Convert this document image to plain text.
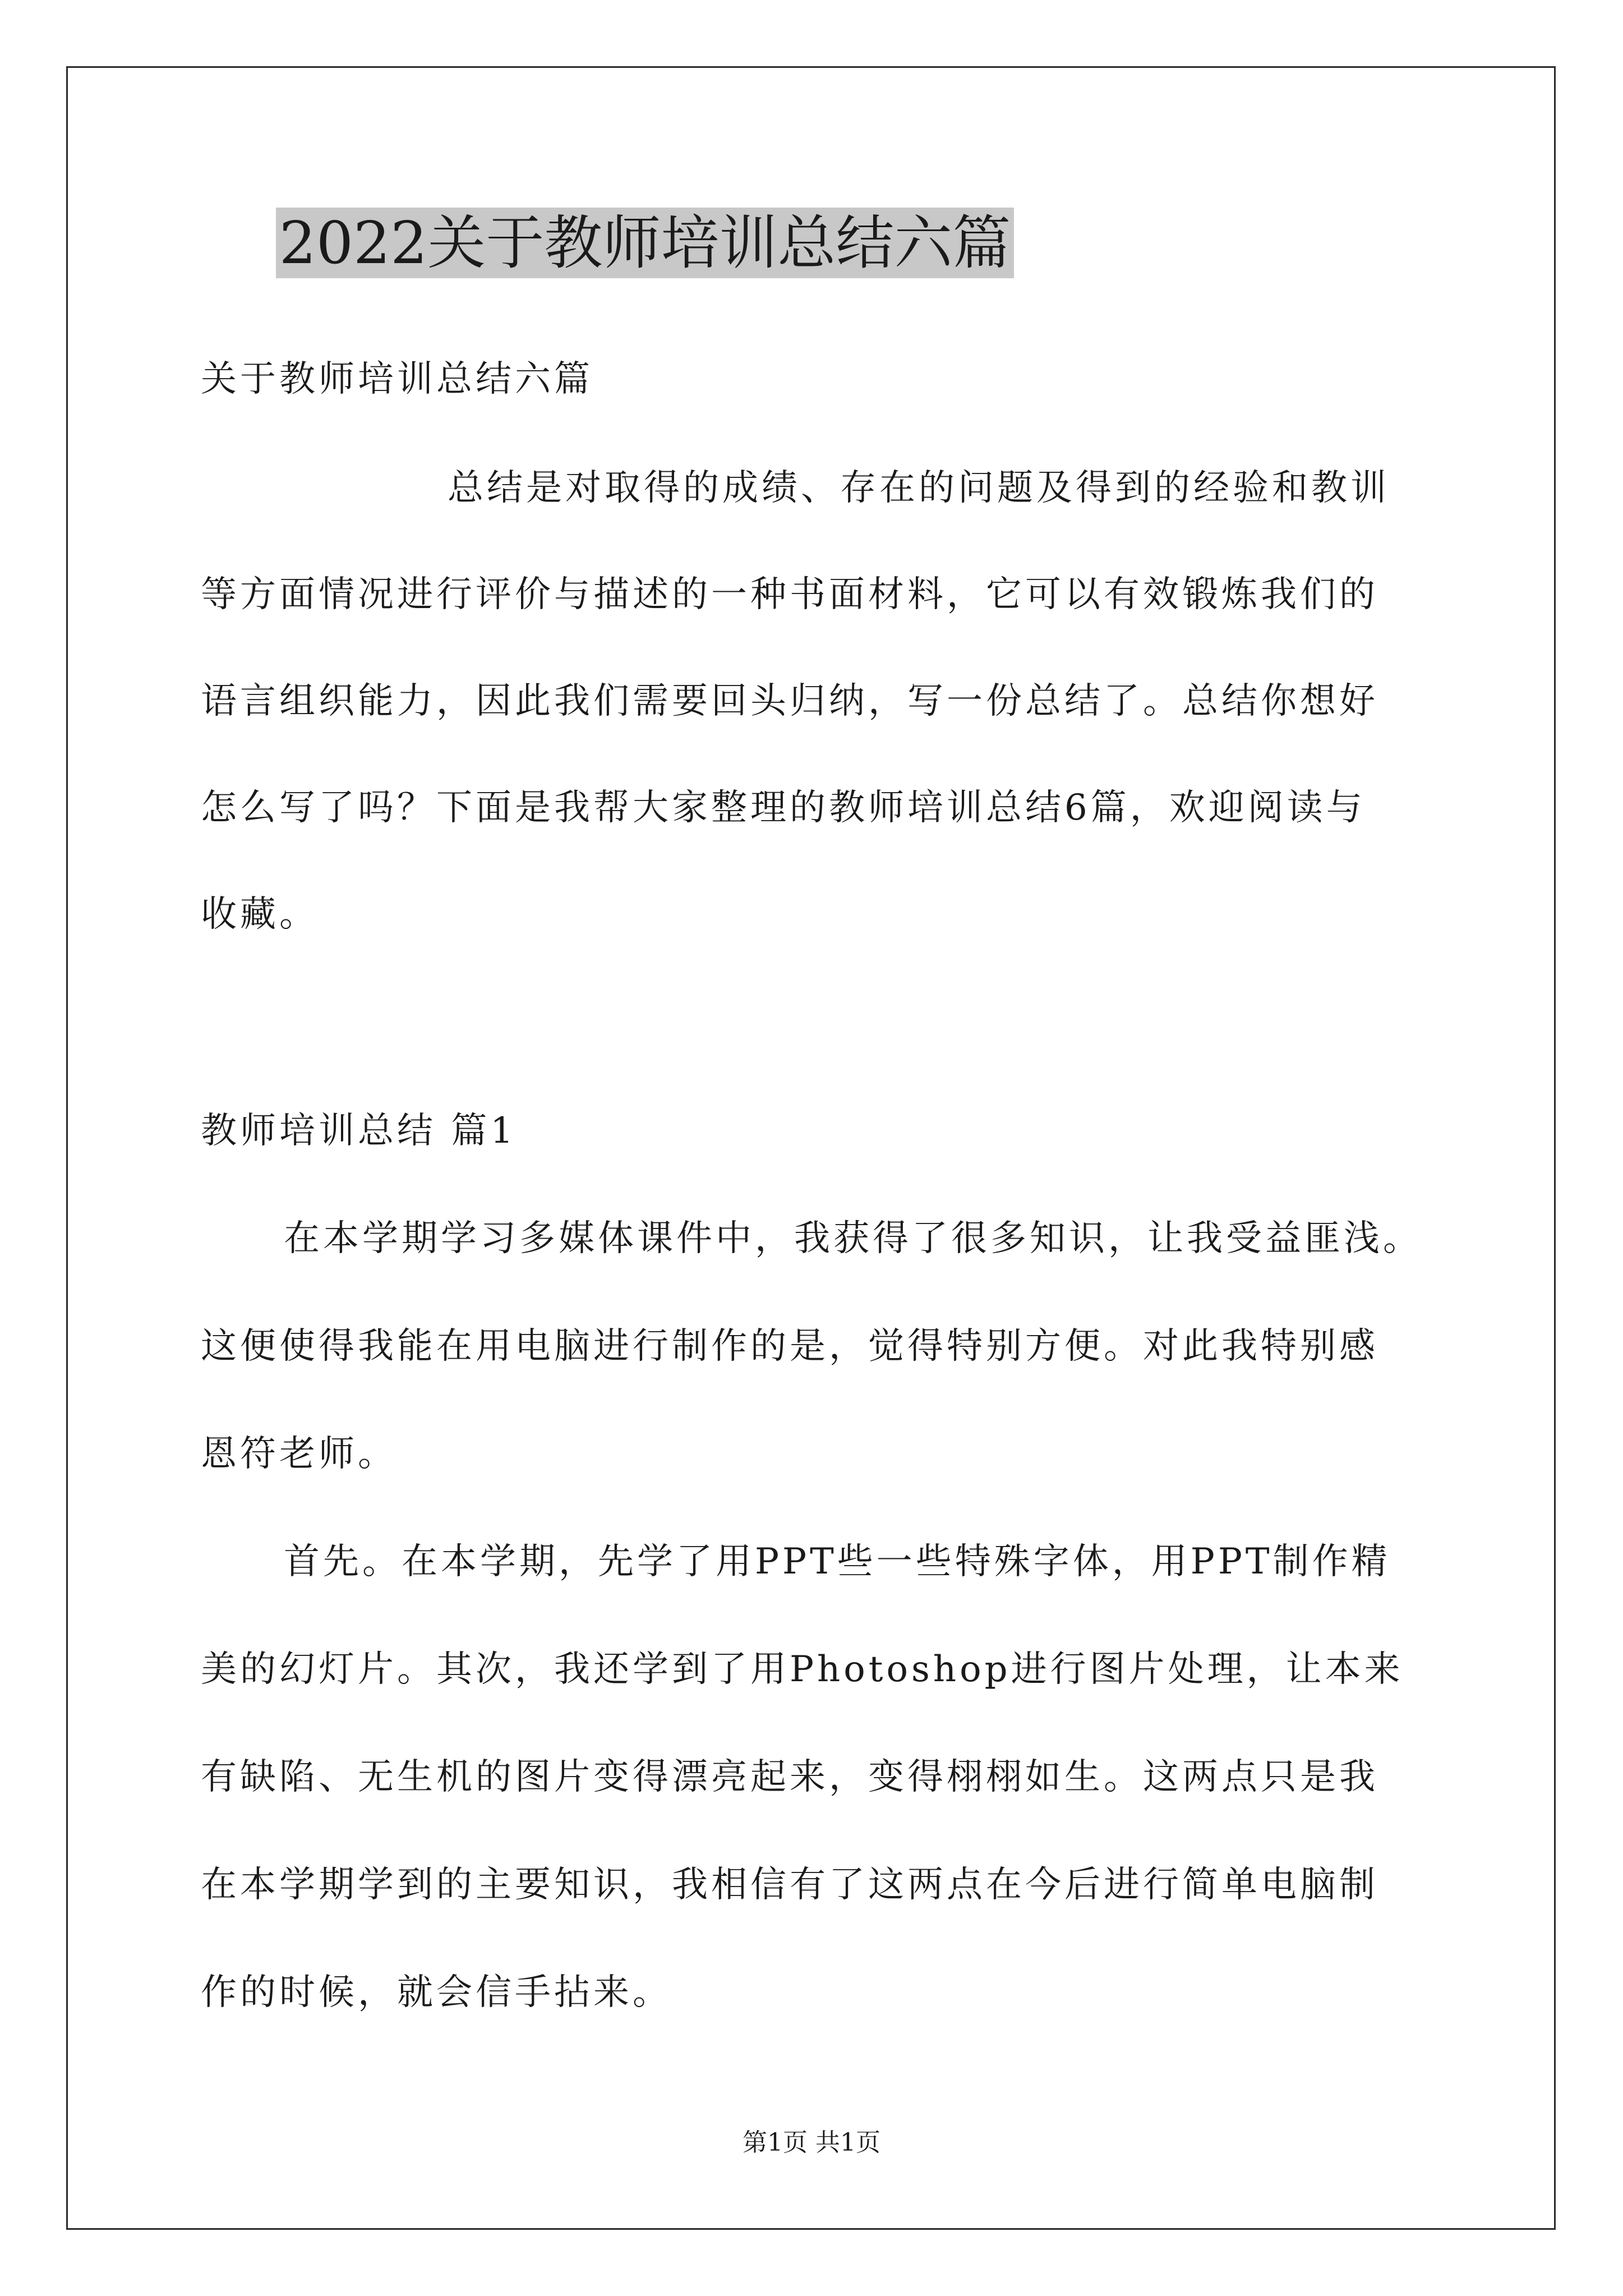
2022关于教师培训总结六篇
关于教师培训总结六篇
总结是对取得的成绩、存在的问题及得到的经验和教训
等方面情况进行评价与描述的一种书面材料，它可以有效锻炼我们的
语言组织能力，因此我们需要回头归纳，写一份总结了。总结你想好
怎么写了吗？下面是我帮大家整理的教师培训总结6篇，欢迎阅读与
收藏。
教师培训总结 篇1
在本学期学习多媒体课件中，我获得了很多知识，让我受益匪浅。
这便使得我能在用电脑进行制作的是，觉得特别方便。对此我特别感
恩符老师。
首先。在本学期，先学了用PPT些一些特殊字体，用PPT制作精
美的幻灯片。其次，我还学到了用Photoshop进行图片处理，让本来
有缺陷、无生机的图片变得漂亮起来，变得栩栩如生。这两点只是我
在本学期学到的主要知识，我相信有了这两点在今后进行简单电脑制
作的时候，就会信手拈来。
第1页 共1页
